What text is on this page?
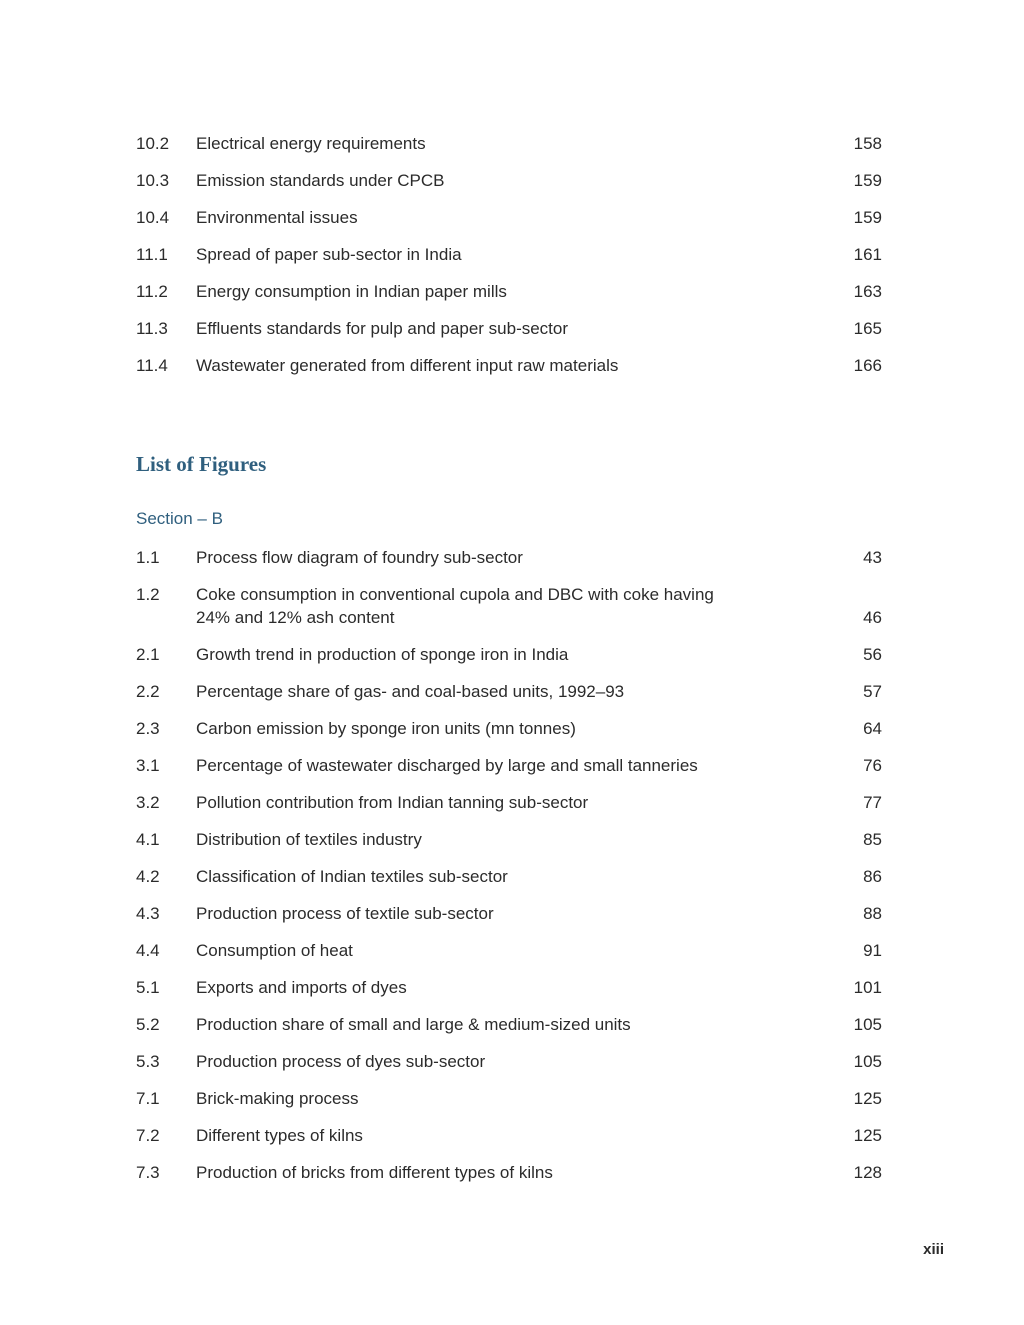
10.2	Electrical energy requirements	158
10.3	Emission standards under CPCB	159
10.4	Environmental issues	159
11.1	Spread of paper sub-sector in India	161
11.2	Energy consumption in Indian paper mills	163
11.3	Effluents standards for pulp and paper sub-sector	165
11.4	Wastewater generated from different input raw materials	166
List of Figures
Section – B
1.1	Process flow diagram of foundry sub-sector	43
1.2	Coke consumption in conventional cupola and DBC with coke having
24% and 12% ash content	46
2.1	Growth trend in production of sponge iron in India	56
2.2	Percentage share of gas- and coal-based units, 1992–93	57
2.3	Carbon emission by sponge iron units (mn tonnes)	64
3.1	Percentage of wastewater discharged by large and small tanneries	76
3.2	Pollution contribution from Indian tanning sub-sector	77
4.1	Distribution of textiles industry	85
4.2	Classification of Indian textiles sub-sector	86
4.3	Production process of textile sub-sector	88
4.4	Consumption of heat	91
5.1	Exports and imports of dyes	101
5.2	Production share of small and large & medium-sized units	105
5.3	Production process of dyes sub-sector	105
7.1	Brick-making process	125
7.2	Different types of kilns	125
7.3	Production of bricks from different types of kilns	128
xiii
